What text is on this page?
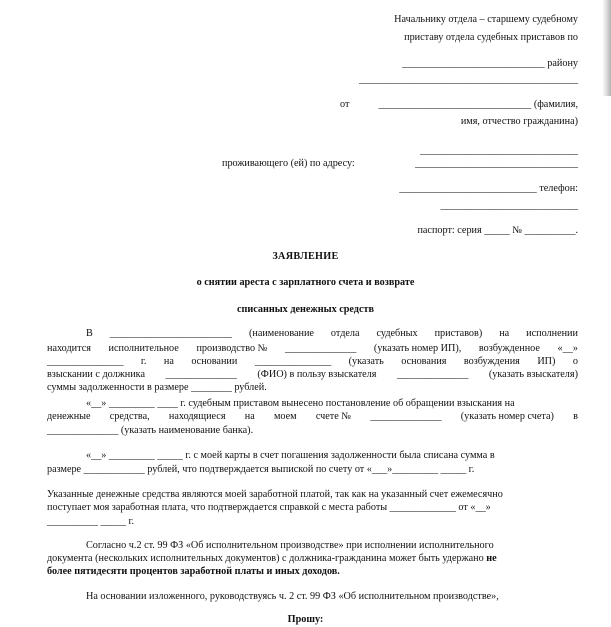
Начальнику отдела – старшему судебному
приставу отдела судебных приставов по
____________________________ району
___________________________________________
от	______________________________ (фамилия,
имя, отчество гражданина)
_______________________________
проживающего (ей) по адресу:	________________________________
___________________________ телефон:
___________________________
паспорт: серия _____ № __________.
ЗАЯВЛЕНИЕ
о снятии ареста с зарплатного счета и возврате
списанных денежных средств
В ________________________ (наименование отдела судебных приставов) на исполнении
находится исполнительное производство № ______________ (указать номер ИП), возбужденное «__»
_______________ г. на основании _______________ (указать основания возбуждения ИП) о
взыскании с должника ______________ (ФИО) в пользу взыскателя ______________ (указать взыскателя)
суммы задолженности в размере ________ рублей.
«__» _________ ____ г. судебным приставом вынесено постановление об обращении взыскания на
денежные средства, находящиеся на моем счете № ______________ (указать номер счета) в
______________ (указать наименование банка).
«__» _________ _____ г. с моей карты в счет погашения задолженности была списана сумма в
размере ____________ рублей, что подтверждается выпиской по счету от «___»_________ _____ г.
Указанные денежные средства являются моей заработной платой, так как на указанный счет ежемесячно
поступает моя заработная плата, что подтверждается справкой с места работы _____________ от «__»
__________ _____ г.
Согласно ч.2 ст. 99 ФЗ «Об исполнительном производстве» при исполнении исполнительного
документа (нескольких исполнительных документов) с должника-гражданина может быть удержано не
более пятидесяти процентов заработной платы и иных доходов.
На основании изложенного, руководствуясь ч. 2 ст. 99 ФЗ «Об исполнительном производстве»,
Прошу:
